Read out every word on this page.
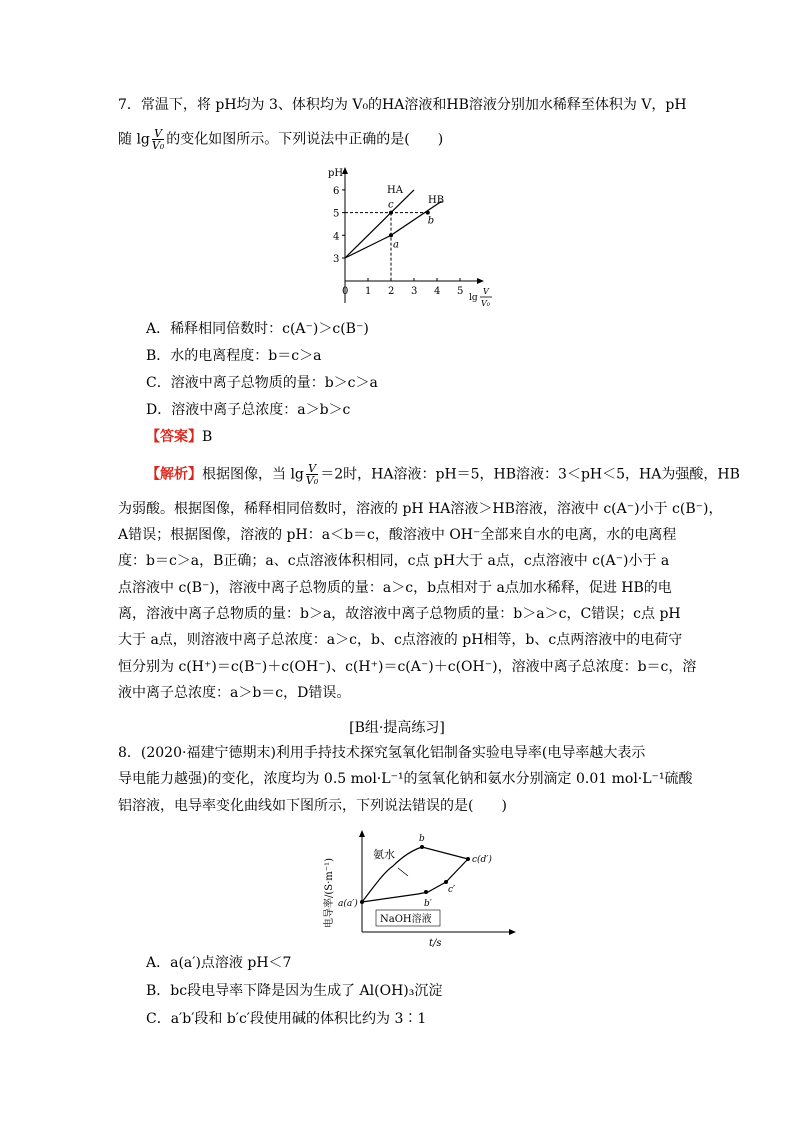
7．常温下，将 pH均为 3、体积均为 V₀的HA溶液和HB溶液分别加水稀释至体积为 V，pH
随 $\lg \frac{V}{\text{V₀}}$ 的变化如图所示。下列说法中正确的是(　　)
pH
3
4
5
6
0 1 2 3 4 5
c
a
b
HA
HB
lg
V
V₀
A．稀释相同倍数时：c(A⁻)＞c(B⁻)
B．水的电离程度：b＝c＞a
C．溶液中离子总物质的量：b＞c＞a
D．溶液中离子总浓度：a＞b＞c
【答案】B
【解析】根据图像，当 $\lg \frac{V}{\text{V₀}} =2$时，HA溶液：pH＝5，HB溶液：3＜pH＜5，HA为强酸，HB
为弱酸。根据图像，稀释相同倍数时，溶液的 pH HA溶液＞HB溶液，溶液中 c(A⁻)小于 c(B⁻)，
A错误；根据图像，溶液的 pH：a＜b＝c，酸溶液中 OH⁻全部来自水的电离，水的电离程
度：b＝c＞a，B正确；a、c点溶液体积相同，c点 pH大于 a点，c点溶液中 c(A⁻)小于 a
点溶液中 c(B⁻)，溶液中离子总物质的量：a＞c，b点相对于 a点加水稀释，促进 HB的电
离，溶液中离子总物质的量：b＞a，故溶液中离子总物质的量：b＞a＞c，C错误；c点 pH
大于 a点，则溶液中离子总浓度：a＞c，b、c点溶液的 pH相等，b、c点两溶液中的电荷守
恒分别为 c(H⁺)＝c(B⁻)＋c(OH⁻)、c(H⁺)＝c(A⁻)＋c(OH⁻)，溶液中离子总浓度：b＝c，溶
液中离子总浓度：a＞b＝c，D错误。
[B组·提高练习]
8．(2020·福建宁德期末)利用手持技术探究氢氧化铝制备实验电导率(电导率越大表示
导电能力越强)的变化，浓度均为 0.5 mol·L⁻¹的氢氧化钠和氨水分别滴定 0.01 mol·L⁻¹硫酸
铝溶液，电导率变化曲线如下图所示，下列说法错误的是(　　)
电导率/(S·m⁻¹)
t/s
氨水
NaOH溶液
a(a′)
b
c(d′)
b′
c′
A．a(a′)点溶液 pH＜7
B．bc段电导率下降是因为生成了 Al(OH)₃沉淀
C．a′b′段和 b′c′段使用碱的体积比约为 3∶1
